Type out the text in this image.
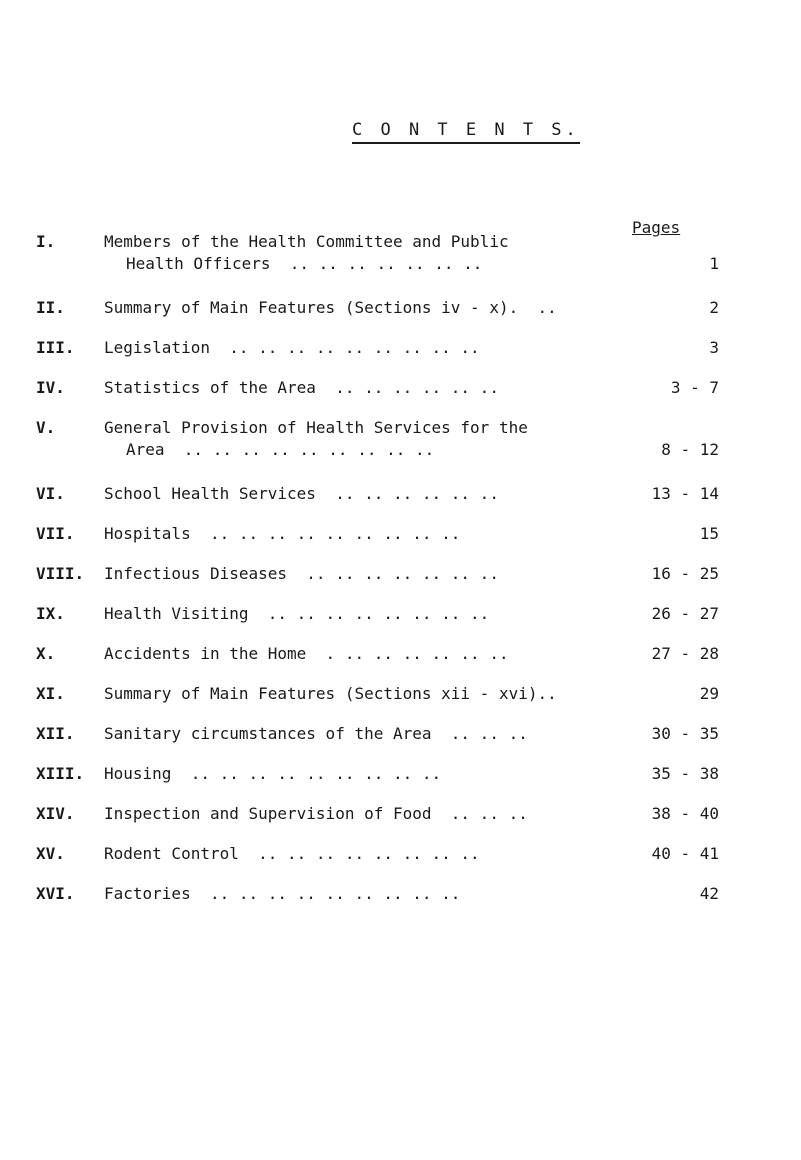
C O N T E N T S.
Pages
I.	Members of the Health Committee and Public
Health Officers  .. .. .. .. .. .. ..	1
II. Summary of Main Features (Sections iv - x).  ..	2
III. Legislation  .. .. .. .. .. .. .. .. ..	3
IV. Statistics of the Area  .. .. .. .. .. ..	3 - 7
V.	General Provision of Health Services for the
Area  .. .. .. .. .. .. .. .. ..	8 - 12
VI. School Health Services  .. .. .. .. .. ..	13 - 14
VII. Hospitals  .. .. .. .. .. .. .. .. ..	15
VIII. Infectious Diseases  .. .. .. .. .. .. ..	16 - 25
IX. Health Visiting  .. .. .. .. .. .. .. ..	26 - 27
X.	Accidents in the Home  . .. .. .. .. .. ..	27 - 28
XI. Summary of Main Features (Sections xii - xvi)..	29
XII. Sanitary circumstances of the Area  .. .. ..	30 - 35
XIII. Housing  .. .. .. .. .. .. .. .. ..	35 - 38
XIV. Inspection and Supervision of Food  .. .. ..	38 - 40
XV. Rodent Control  .. .. .. .. .. .. .. ..	40 - 41
XVI. Factories  .. .. .. .. .. .. .. .. ..	42
